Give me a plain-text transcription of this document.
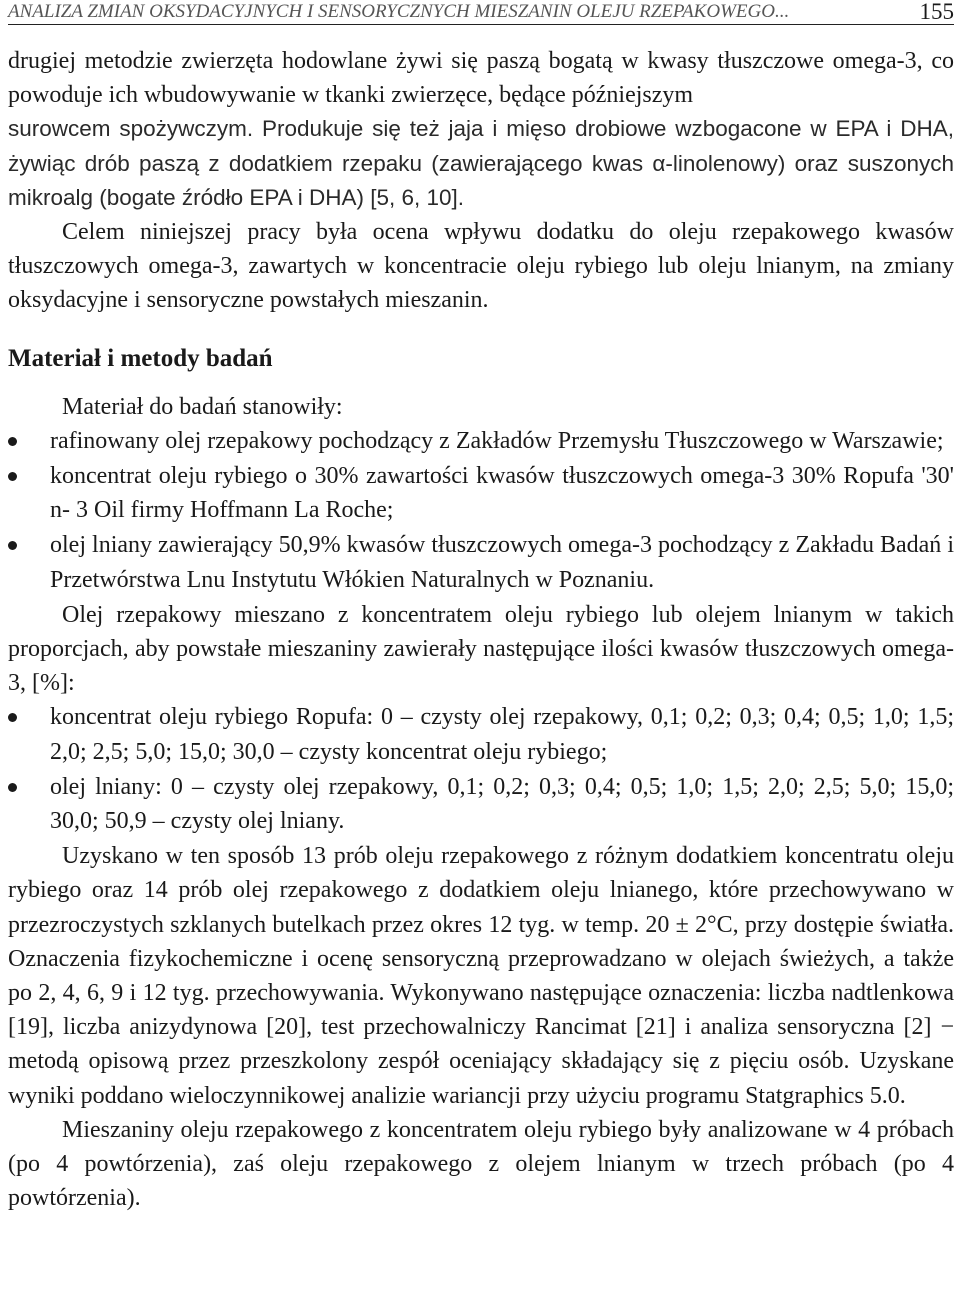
ANALIZA ZMIAN OKSYDACYJNYCH I SENSORYCZNYCH MIESZANIN OLEJU RZEPAKOWEGO...	155

drugiej metodzie zwierzęta hodowlane żywi się paszą bogatą w kwasy tłuszczowe omega-3, co powoduje ich wbudowywanie w tkanki zwierzęce, będące późniejszym

surowcem spożywczym. Produkuje się też jaja i mięso drobiowe wzbogacone w EPA i DHA, żywiąc drób paszą z dodatkiem rzepaku (zawierającego kwas α-linolenowy) oraz suszonych mikroalg (bogate źródło EPA i DHA) [5, 6, 10].

Celem niniejszej pracy była ocena wpływu dodatku do oleju rzepakowego kwasów tłuszczowych omega-3, zawartych w koncentracie oleju rybiego lub oleju lnianym, na zmiany oksydacyjne i sensoryczne powstałych mieszanin.

Materiał i metody badań

Materiał do badań stanowiły:

rafinowany olej rzepakowy pochodzący z Zakładów Przemysłu Tłuszczowego w Warszawie;
koncentrat oleju rybiego o 30% zawartości kwasów tłuszczowych omega-3 30% Ropufa '30' n- 3 Oil firmy Hoffmann La Roche;
olej lniany zawierający 50,9% kwasów tłuszczowych omega-3 pochodzący z Zakładu Badań i Przetwórstwa Lnu Instytutu Włókien Naturalnych w Poznaniu.

Olej rzepakowy mieszano z koncentratem oleju rybiego lub olejem lnianym w takich proporcjach, aby powstałe mieszaniny zawierały następujące ilości kwasów tłuszczowych omega-3, [%]:

koncentrat oleju rybiego Ropufa: 0 – czysty olej rzepakowy, 0,1; 0,2; 0,3; 0,4; 0,5; 1,0; 1,5; 2,0; 2,5; 5,0; 15,0; 30,0 – czysty koncentrat oleju rybiego;
olej lniany: 0 – czysty olej rzepakowy, 0,1; 0,2; 0,3; 0,4; 0,5; 1,0; 1,5; 2,0; 2,5; 5,0; 15,0; 30,0; 50,9 – czysty olej lniany.

Uzyskano w ten sposób 13 prób oleju rzepakowego z różnym dodatkiem koncentratu oleju rybiego oraz 14 prób olej rzepakowego z dodatkiem oleju lnianego, które przechowywano w przezroczystych szklanych butelkach przez okres 12 tyg. w temp. 20 ± 2°C, przy dostępie światła. Oznaczenia fizykochemiczne i ocenę sensoryczną przeprowadzano w olejach świeżych, a także po 2, 4, 6, 9 i 12 tyg. przechowywania. Wykonywano następujące oznaczenia: liczba nadtlenkowa [19], liczba anizydynowa [20], test przechowalniczy Rancimat [21] i analiza sensoryczna [2] − metodą opisową przez przeszkolony zespół oceniający składający się z pięciu osób. Uzyskane wyniki poddano wieloczynnikowej analizie wariancji przy użyciu programu Statgraphics 5.0.

Mieszaniny oleju rzepakowego z koncentratem oleju rybiego były analizowane w 4 próbach (po 4 powtórzenia), zaś oleju rzepakowego z olejem lnianym w trzech próbach (po 4 powtórzenia).
